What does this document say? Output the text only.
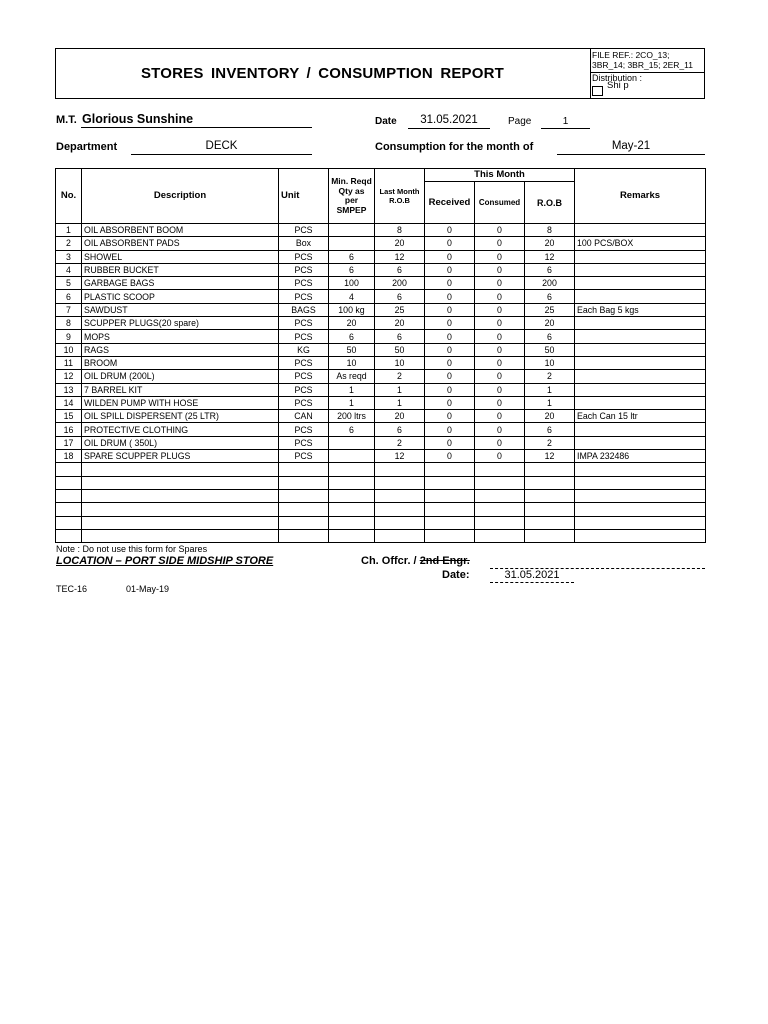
STORES INVENTORY / CONSUMPTION REPORT
FILE REF.: 2CO_13; 3BR_14; 3BR_15; 2ER_11
Distribution :
Shi p
M.T. Glorious Sunshine	Date	31.05.2021	Page	1
Department	DECK	Consumption for the month of	May-21
No.	Description	Unit	Min. Reqd Qty as per SMPEP	Last Month R.O.B	This Month			Remarks
					Received	Consumed	R.O.B	
1	OIL ABSORBENT BOOM	PCS		8	0	0	8	
2	OIL ABSORBENT PADS	Box		20	0	0	20	100 PCS/BOX
3	SHOWEL	PCS	6	12	0	0	12	
4	RUBBER BUCKET	PCS	6	6	0	0	6	
5	GARBAGE BAGS	PCS	100	200	0	0	200	
6	PLASTIC SCOOP	PCS	4	6	0	0	6	
7	SAWDUST	BAGS	100 kg	25	0	0	25	Each Bag 5 kgs
8	SCUPPER PLUGS(20 spare)	PCS	20	20	0	0	20	
9	MOPS	PCS	6	6	0	0	6	
10	RAGS	KG	50	50	0	0	50	
11	BROOM	PCS	10	10	0	0	10	
12	OIL DRUM (200L)	PCS	As reqd	2	0	0	2	
13	7 BARREL KIT	PCS	1	1	0	0	1	
14	WILDEN PUMP WITH HOSE	PCS	1	1	0	0	1	
15	OIL SPILL DISPERSENT (25 LTR)	CAN	200 ltrs	20	0	0	20	Each Can 15 ltr
16	PROTECTIVE CLOTHING	PCS	6	6	0	0	6	
17	OIL DRUM ( 350L)	PCS		2	0	0	2	
18	SPARE SCUPPER PLUGS	PCS		12	0	0	12	IMPA 232486

Note : Do not use this form for Spares
LOCATION – PORT SIDE MIDSHIP STORE	Ch. Offcr. / 2nd Engr.
Date:	31.05.2021
TEC-16	01-May-19
